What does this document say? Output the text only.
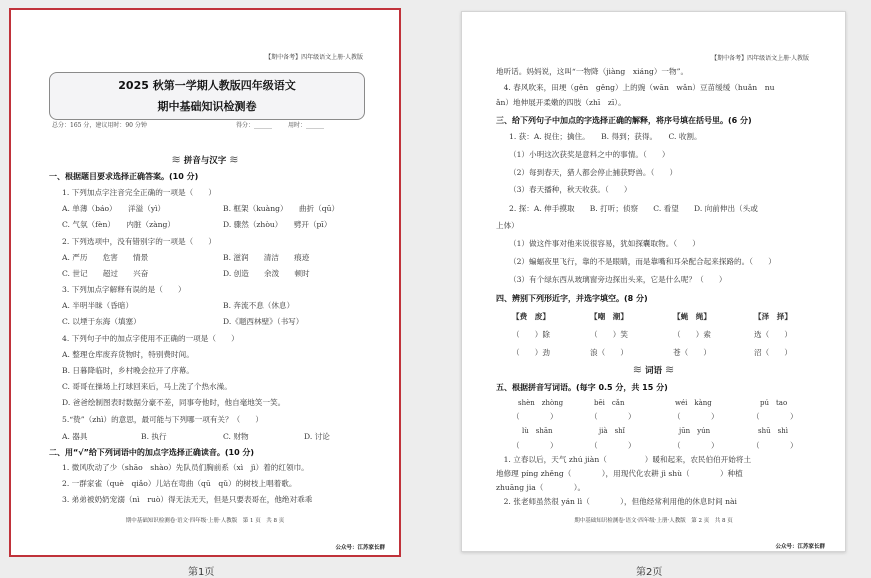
【期中备考】四年级语文上册·人教版
2025 秋第一学期人教版四年级语文
期中基础知识检测卷
总分：165 分，建议用时：90 分钟	得分：______	用时：______
≋ 拼音与汉字 ≋
一、根据题目要求选择正确答案。(10 分)
1. 下列加点字注音完全正确的一项是（　　）
A. 单薄（báo）　　洋溢（yì）	B. 框架（kuàng）　　曲折（qū）
C. 气氛（fèn）　　内脏（zàng）	D. 骤然（zhòu）　　劈开（pī）
2. 下列选项中，没有错别字的一项是（　　）
A. 严历　　危害　　情景	B. 滋润　　清洁　　痕迹
C. 世记　　超过　　兴奋	D. 创造　　余泼　　顿时
3. 下列加点字解释有误的是（　　）
A. 半明半昧（昏暗）	B. 奔流不息（休息）
C. 以堙于东海（填塞）	D.《题西林壁》（书写）
4. 下列句子中的加点字使用不正确的一项是（　　）
A. 整理仓库废弃货物时，特别费时间。
B. 日暮降临时，乡村晚会拉开了序幕。
C. 哥哥在操场上打球回来后，马上洗了个热水澡。
D. 爸爸绘制图表时数据分豪不差，同事夸他时，他自毫地笑一笑。
5.“贽”（zhì）的意思，最可能与下列哪一项有关？（　　）
A. 器具	B. 执行	C. 财物	D. 讨论
二、用“√”给下列词语中的加点字选择正确读音。(10 分)
1. 微风吹动了少（shāo　shào）先队员们胸前系（xì　jì）着的红领巾。
2. 一群家雀（què　qiǎo）儿站在弯曲（qū　qǔ）的树枝上唱着歌。
3. 弟弟被奶奶宠溺（nì　ruò）得无法无天，但是只要表哥在，他绝对乖乖
期中基础知识检测卷·语文·四年级·上册·人教版　第 1 页　共 8 页
公众号：江苏家长群
【期中备考】四年级语文上册·人教版
地听话。妈妈说，这叫“一物降（jiàng　xiáng）一物”。
　4. 春风吹来，田埂（gěn　gěng）上的豌（wān　wǎn）豆苗缓缓（huǎn　nu
ǎn）地伸展开柔嫩的四肢（zhī　zī）。
三、给下列句子中加点的字选择正确的解释，将序号填在括号里。(6 分)
1. 获：A. 捉住；擒住。　　B. 得到；获得。　　C. 收割。
（1）小明这次获奖是意料之中的事情。（　　）
（2）每到春天，猎人都会停止捕获野兽。（　　）
（3）春天播种，秋天收获。（　　）
2. 探：A. 伸手摸取　　B. 打听；侦察　　C. 看望　　D. 向前伸出（头或
上体）
（1）做这件事对他来说很容易，犹如探囊取物。（　　）
（2）蝙蝠夜里飞行，靠的不是眼睛，而是靠嘴和耳朵配合起来探路的。（　　）
（3）有个绿东西从玻璃窗旁边探出头来，它是什么呢？（　　）
四、辨别下列形近字，并选字填空。(8 分)
【费　废】	【嘲　潮】	【蝇　绳】	【泽　择】
（　　）除	（　　）笑	（　　）索	选（　　）
（　　）劲	浪（　　）	苍（　　）	沼（　　）
≋ 词语 ≋
五、根据拼音写词语。(每字 0.5 分，共 15 分)
shèn　zhòng	bēi　cǎn	wéi　kàng	pú　tao
（　　　　）	（　　　　）	（　　　　）	（　　　　）
lù　shān	jià　shǐ	jūn　yún	shū　shì
（　　　　）	（　　　　）	（　　　　）	（　　　　）
　1. 立春以后，天气 zhú jiàn（　　　　　）暖和起来，农民伯伯开始将土
地修理 píng zhěng（　　　　），用现代化农耕 jì shù（　　　　）种植
zhuāng jia（　　　　）。
　2. 张老师虽然很 yán lì（　　　　），但他经常利用他的休息时间 nài
期中基础知识检测卷·语文·四年级·上册·人教版　第 2 页　共 8 页
公众号：江苏家长群
第1页	第2页
